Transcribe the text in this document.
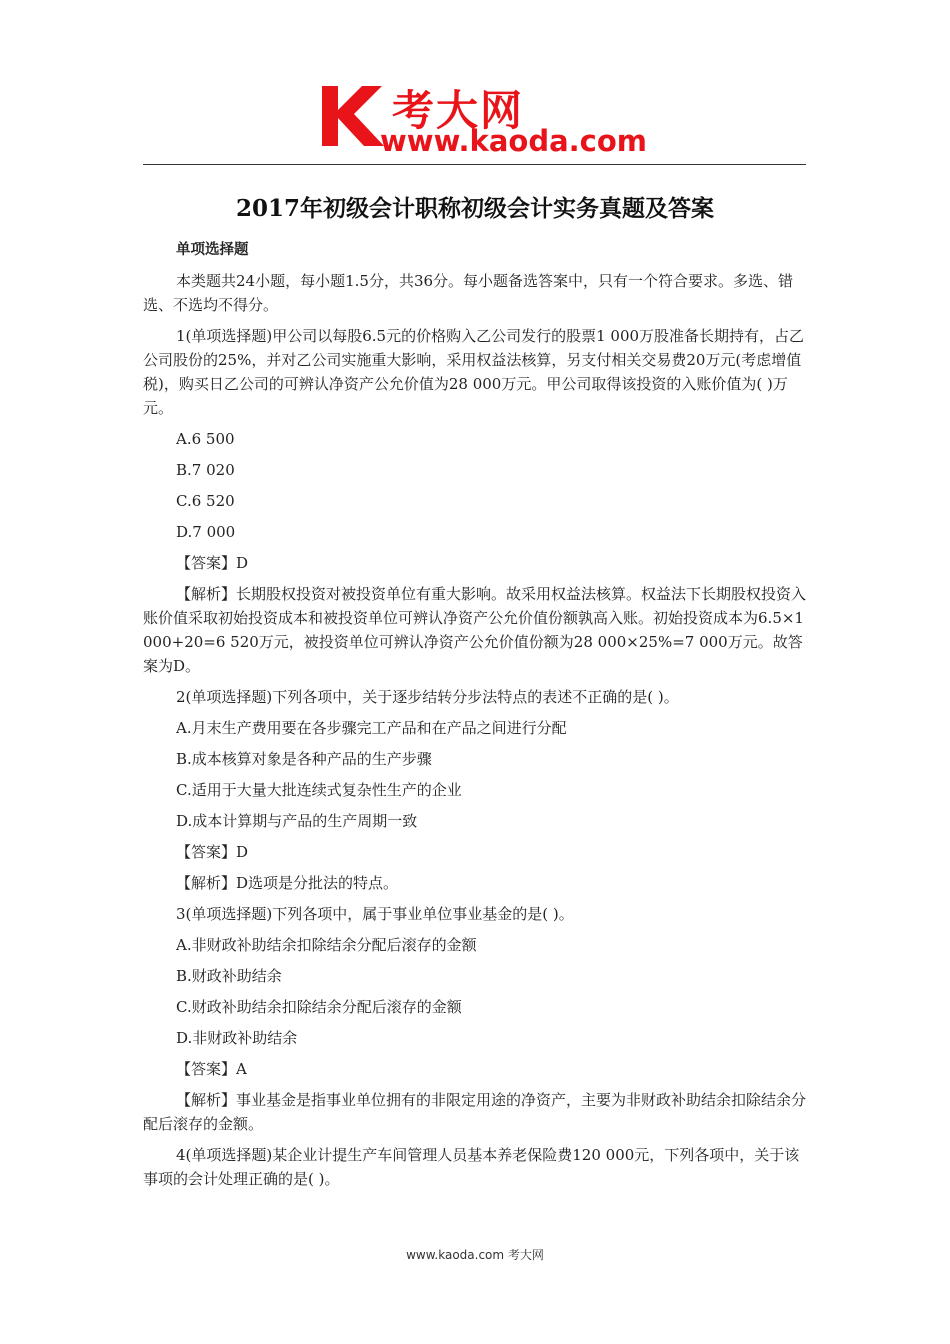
考大网
www.kaoda.com
2017年初级会计职称初级会计实务真题及答案

单项选择题

本类题共24小题，每小题1.5分，共36分。每小题备选答案中，只有一个符合要求。多选、错选、不选均不得分。

1(单项选择题)甲公司以每股6.5元的价格购入乙公司发行的股票1 000万股准备长期持有，占乙公司股份的25%，并对乙公司实施重大影响，采用权益法核算，另支付相关交易费20万元(考虑增值税)，购买日乙公司的可辨认净资产公允价值为28 000万元。甲公司取得该投资的入账价值为( )万元。

A.6 500

B.7 020

C.6 520

D.7 000

【答案】D

【解析】长期股权投资对被投资单位有重大影响。故采用权益法核算。权益法下长期股权投资入账价值采取初始投资成本和被投资单位可辨认净资产公允价值份额孰高入账。初始投资成本为6.5×1 000+20=6 520万元，被投资单位可辨认净资产公允价值份额为28 000×25%=7 000万元。故答案为D。

2(单项选择题)下列各项中，关于逐步结转分步法特点的表述不正确的是( )。

A.月末生产费用要在各步骤完工产品和在产品之间进行分配

B.成本核算对象是各种产品的生产步骤

C.适用于大量大批连续式复杂性生产的企业

D.成本计算期与产品的生产周期一致

【答案】D

【解析】D选项是分批法的特点。

3(单项选择题)下列各项中，属于事业单位事业基金的是( )。

A.非财政补助结余扣除结余分配后滚存的金额

B.财政补助结余

C.财政补助结余扣除结余分配后滚存的金额

D.非财政补助结余

【答案】A

【解析】事业基金是指事业单位拥有的非限定用途的净资产，主要为非财政补助结余扣除结余分配后滚存的金额。

4(单项选择题)某企业计提生产车间管理人员基本养老保险费120 000元，下列各项中，关于该事项的会计处理正确的是( )。

www.kaoda.com 考大网
